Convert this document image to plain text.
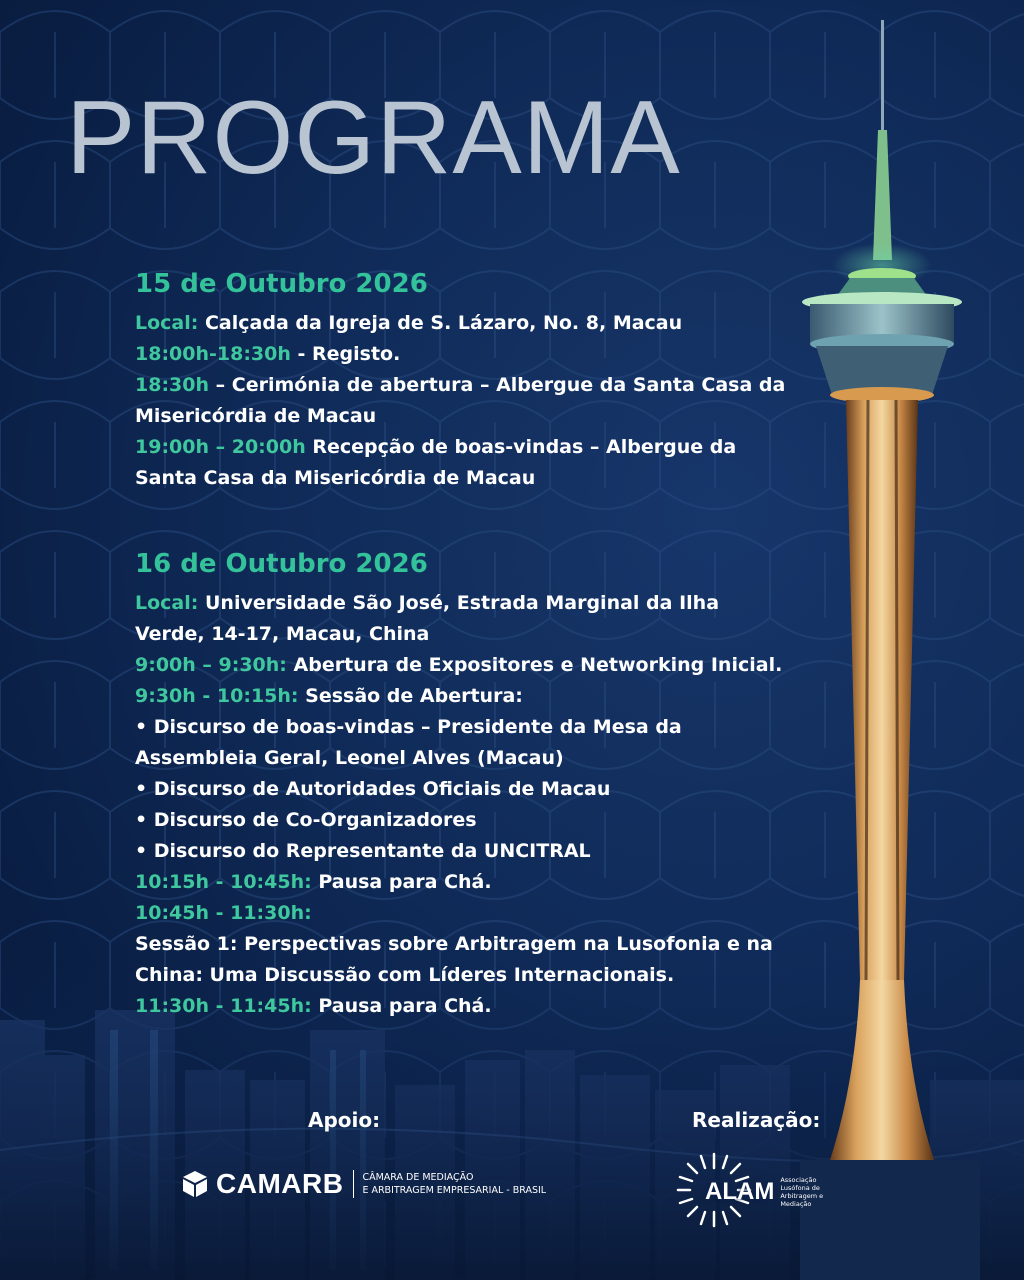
PROGRAMA
15 de Outubro 2026

Local: Calçada da Igreja de S. Lázaro, No. 8, Macau

18:00h-18:30h - Registo.

18:30h – Cerimónia de abertura – Albergue da Santa Casa da Misericórdia de Macau

19:00h – 20:00h Recepção de boas-vindas – Albergue da Santa Casa da Misericórdia de Macau

16 de Outubro 2026

Local: Universidade São José, Estrada Marginal da Ilha Verde, 14-17, Macau, China

9:00h – 9:30h: Abertura de Expositores e Networking Inicial.

9:30h - 10:15h: Sessão de Abertura:

• Discurso de boas-vindas – Presidente da Mesa da Assembleia Geral, Leonel Alves (Macau)

• Discurso de Autoridades Oficiais de Macau

• Discurso de Co-Organizadores

• Discurso do Representante da UNCITRAL

10:15h - 10:45h: Pausa para Chá.

10:45h - 11:30h:

Sessão 1: Perspectivas sobre Arbitragem na Lusofonia e na China: Uma Discussão com Líderes Internacionais.

11:30h - 11:45h: Pausa para Chá.

Apoio:	Realização:
CAMARB CÂMARA DE MEDIAÇÃO
E ARBITRAGEM EMPRESARIAL - BRASIL	ALAM Associação
Lusófona de
Arbitragem e
Mediação
